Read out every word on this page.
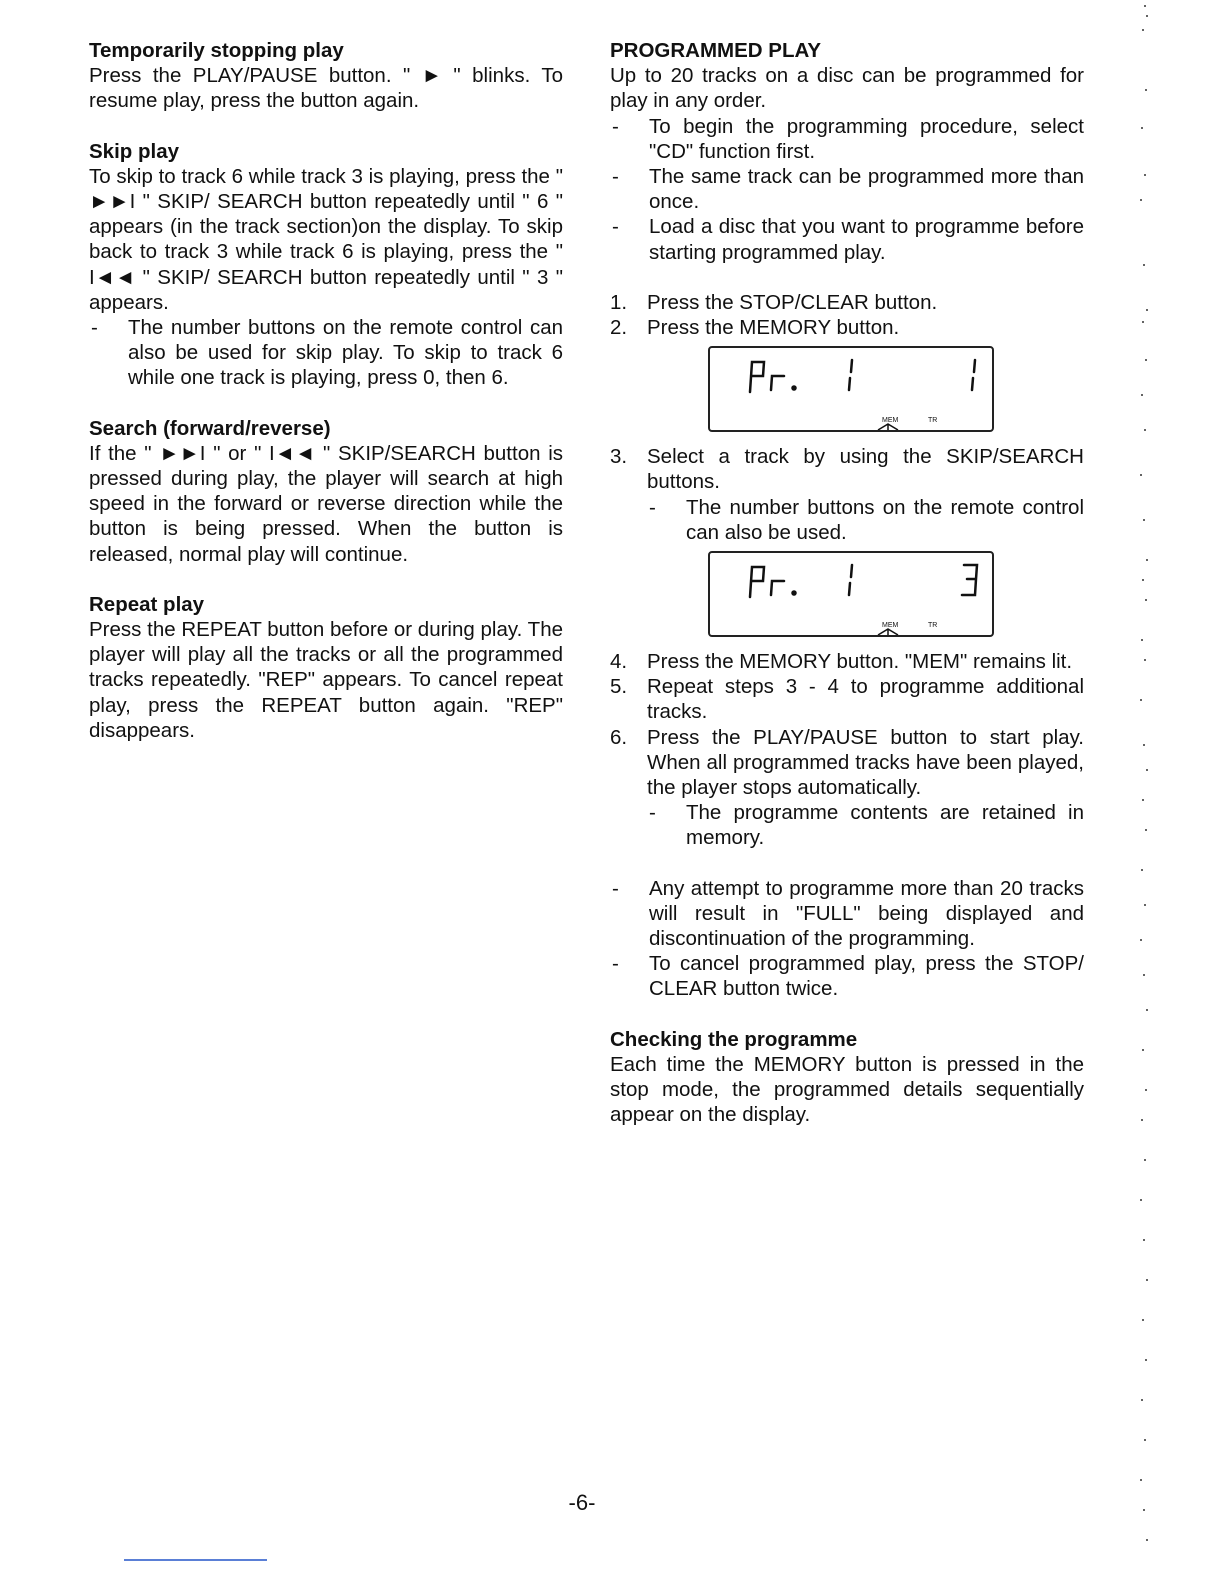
Temporarily stopping play

Press the PLAY/PAUSE button. " ► " blinks. To resume play, press the button again.

Skip play

To skip to track 6 while track 3 is playing, press the " ►►I " SKIP/ SEARCH button repeatedly until " 6 " appears (in the track section)on the display. To skip back to track 3 while track 6 is playing, press the " I◄◄ " SKIP/ SEARCH button repeatedly until " 3 " appears.

-	The number buttons on the remote control can also be used for skip play. To skip to track 6 while one track is playing, press 0, then 6.
Search (forward/reverse)

If the " ►►I " or " I◄◄ " SKIP/SEARCH button is pressed during play, the player will search at high speed in the forward or reverse direction while the button is being pressed. When the button is released, normal play will continue.

Repeat play

Press the REPEAT button before or during play. The player will play all the tracks or all the programmed tracks repeatedly. "REP" appears. To cancel repeat play, press the REPEAT button again. "REP" disappears.

PROGRAMMED PLAY

Up to 20 tracks on a disc can be programmed for play in any order.

-	To begin the programming procedure, select "CD" function first.
-	The same track can be programmed more than once.
-	Load a disc that you want to programme before starting programmed play.
1. Press the STOP/CLEAR button.
2. Press the MEMORY button.
Pr. 1 1
MEM	TR
3. Select a track by using the SKIP/SEARCH buttons.
-	The number buttons on the remote control can also be used.
Pr. 1 3
MEM	TR
4. Press the MEMORY button. "MEM" remains lit.
5. Repeat steps 3 - 4 to programme additional tracks.
6. Press the PLAY/PAUSE button to start play. When all programmed tracks have been played, the player stops automatically.
-	The programme contents are retained in memory.
-	Any attempt to programme more than 20 tracks will result in "FULL" being displayed and discontinuation of the programming.
-	To cancel programmed play, press the STOP/ CLEAR button twice.
Checking the programme

Each time the MEMORY button is pressed in the stop mode, the programmed details sequentially appear on the display.

-6-
